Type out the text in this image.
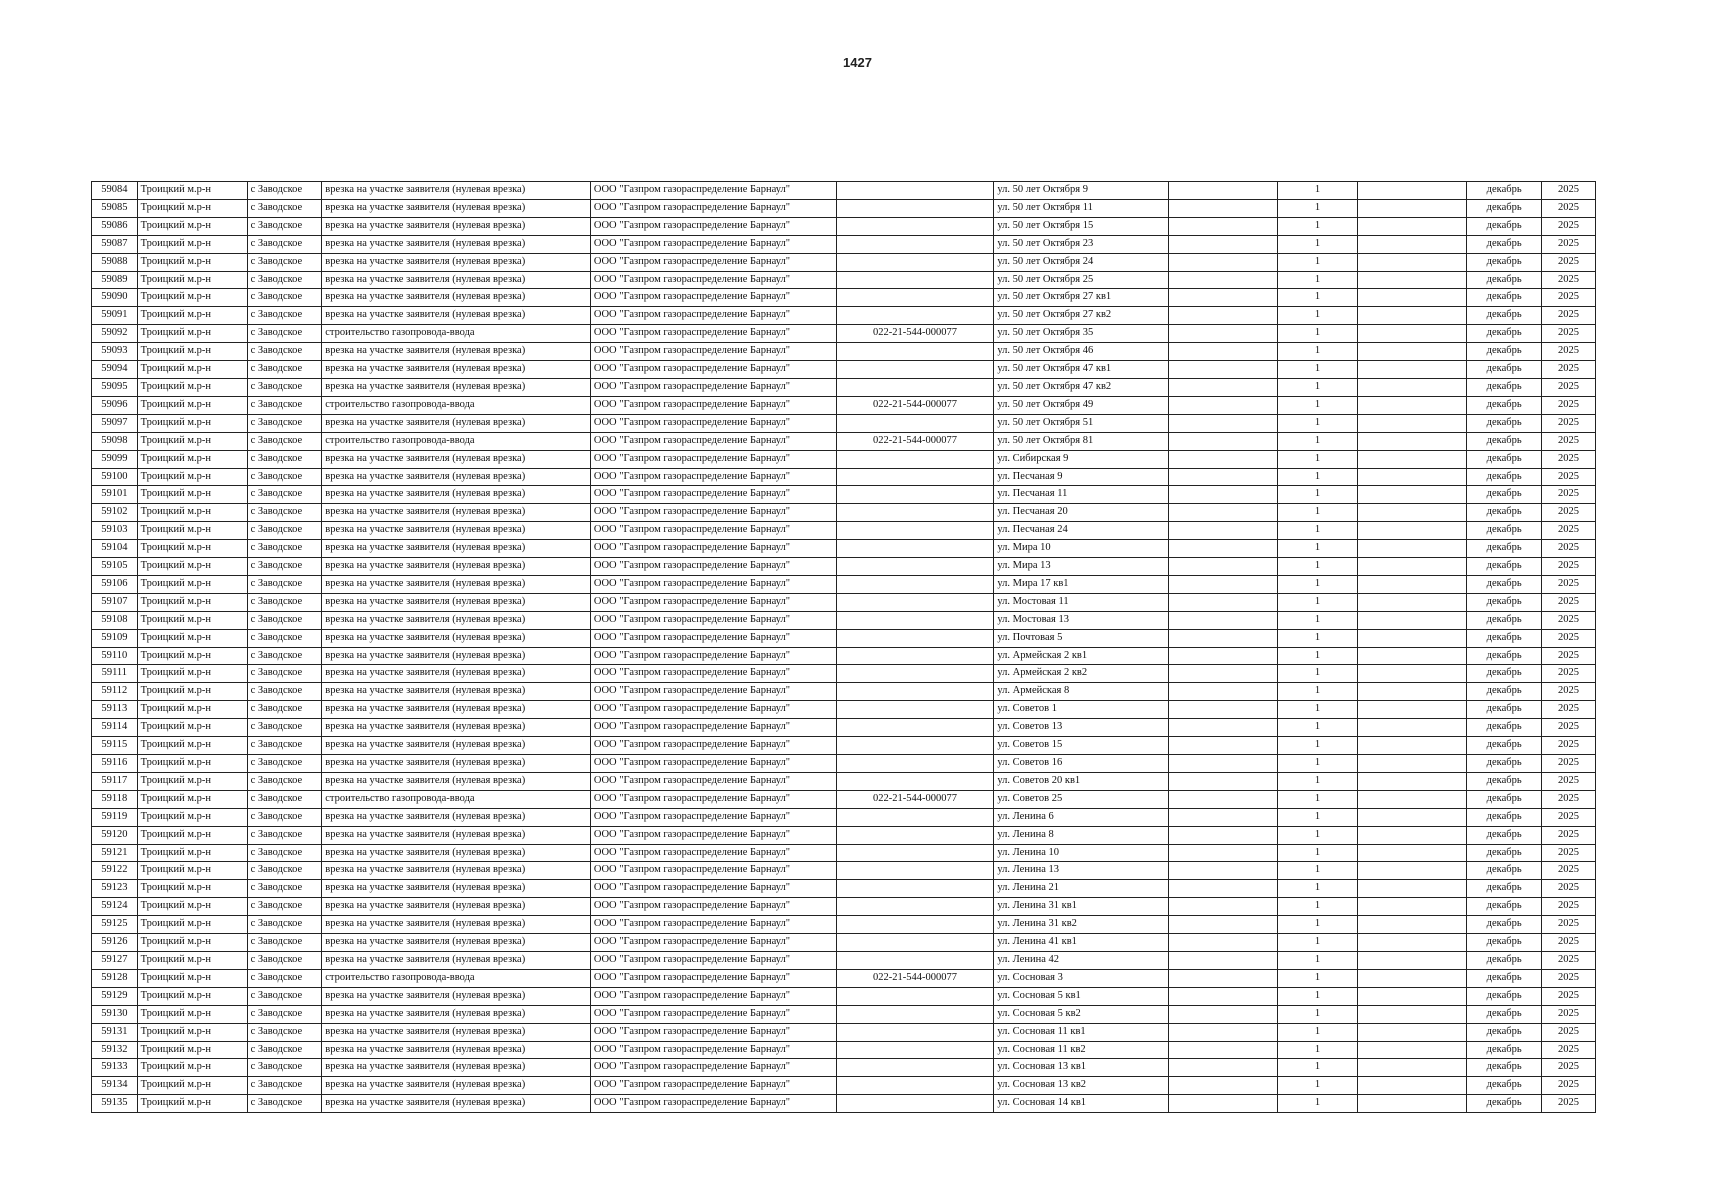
1427
59084	Троицкий м.р-н	с Заводское	врезка на участке заявителя (нулевая врезка)	ООО "Газпром газораспределение Барнаул"		ул. 50 лет Октября 9		1		декабрь	2025
59085	Троицкий м.р-н	с Заводское	врезка на участке заявителя (нулевая врезка)	ООО "Газпром газораспределение Барнаул"		ул. 50 лет Октября 11		1		декабрь	2025
59086	Троицкий м.р-н	с Заводское	врезка на участке заявителя (нулевая врезка)	ООО "Газпром газораспределение Барнаул"		ул. 50 лет Октября 15		1		декабрь	2025
59087	Троицкий м.р-н	с Заводское	врезка на участке заявителя (нулевая врезка)	ООО "Газпром газораспределение Барнаул"		ул. 50 лет Октября 23		1		декабрь	2025
59088	Троицкий м.р-н	с Заводское	врезка на участке заявителя (нулевая врезка)	ООО "Газпром газораспределение Барнаул"		ул. 50 лет Октября 24		1		декабрь	2025
59089	Троицкий м.р-н	с Заводское	врезка на участке заявителя (нулевая врезка)	ООО "Газпром газораспределение Барнаул"		ул. 50 лет Октября 25		1		декабрь	2025
59090	Троицкий м.р-н	с Заводское	врезка на участке заявителя (нулевая врезка)	ООО "Газпром газораспределение Барнаул"		ул. 50 лет Октября 27 кв1		1		декабрь	2025
59091	Троицкий м.р-н	с Заводское	врезка на участке заявителя (нулевая врезка)	ООО "Газпром газораспределение Барнаул"		ул. 50 лет Октября 27 кв2		1		декабрь	2025
59092	Троицкий м.р-н	с Заводское	строительство газопровода-ввода	ООО "Газпром газораспределение Барнаул"	022-21-544-000077	ул. 50 лет Октября 35		1		декабрь	2025
59093	Троицкий м.р-н	с Заводское	врезка на участке заявителя (нулевая врезка)	ООО "Газпром газораспределение Барнаул"		ул. 50 лет Октября 46		1		декабрь	2025
59094	Троицкий м.р-н	с Заводское	врезка на участке заявителя (нулевая врезка)	ООО "Газпром газораспределение Барнаул"		ул. 50 лет Октября 47 кв1		1		декабрь	2025
59095	Троицкий м.р-н	с Заводское	врезка на участке заявителя (нулевая врезка)	ООО "Газпром газораспределение Барнаул"		ул. 50 лет Октября 47 кв2		1		декабрь	2025
59096	Троицкий м.р-н	с Заводское	строительство газопровода-ввода	ООО "Газпром газораспределение Барнаул"	022-21-544-000077	ул. 50 лет Октября 49		1		декабрь	2025
59097	Троицкий м.р-н	с Заводское	врезка на участке заявителя (нулевая врезка)	ООО "Газпром газораспределение Барнаул"		ул. 50 лет Октября 51		1		декабрь	2025
59098	Троицкий м.р-н	с Заводское	строительство газопровода-ввода	ООО "Газпром газораспределение Барнаул"	022-21-544-000077	ул. 50 лет Октября 81		1		декабрь	2025
59099	Троицкий м.р-н	с Заводское	врезка на участке заявителя (нулевая врезка)	ООО "Газпром газораспределение Барнаул"		ул. Сибирская 9		1		декабрь	2025
59100	Троицкий м.р-н	с Заводское	врезка на участке заявителя (нулевая врезка)	ООО "Газпром газораспределение Барнаул"		ул. Песчаная 9		1		декабрь	2025
59101	Троицкий м.р-н	с Заводское	врезка на участке заявителя (нулевая врезка)	ООО "Газпром газораспределение Барнаул"		ул. Песчаная 11		1		декабрь	2025
59102	Троицкий м.р-н	с Заводское	врезка на участке заявителя (нулевая врезка)	ООО "Газпром газораспределение Барнаул"		ул. Песчаная 20		1		декабрь	2025
59103	Троицкий м.р-н	с Заводское	врезка на участке заявителя (нулевая врезка)	ООО "Газпром газораспределение Барнаул"		ул. Песчаная 24		1		декабрь	2025
59104	Троицкий м.р-н	с Заводское	врезка на участке заявителя (нулевая врезка)	ООО "Газпром газораспределение Барнаул"		ул. Мира 10		1		декабрь	2025
59105	Троицкий м.р-н	с Заводское	врезка на участке заявителя (нулевая врезка)	ООО "Газпром газораспределение Барнаул"		ул. Мира 13		1		декабрь	2025
59106	Троицкий м.р-н	с Заводское	врезка на участке заявителя (нулевая врезка)	ООО "Газпром газораспределение Барнаул"		ул. Мира 17 кв1		1		декабрь	2025
59107	Троицкий м.р-н	с Заводское	врезка на участке заявителя (нулевая врезка)	ООО "Газпром газораспределение Барнаул"		ул. Мостовая 11		1		декабрь	2025
59108	Троицкий м.р-н	с Заводское	врезка на участке заявителя (нулевая врезка)	ООО "Газпром газораспределение Барнаул"		ул. Мостовая 13		1		декабрь	2025
59109	Троицкий м.р-н	с Заводское	врезка на участке заявителя (нулевая врезка)	ООО "Газпром газораспределение Барнаул"		ул. Почтовая 5		1		декабрь	2025
59110	Троицкий м.р-н	с Заводское	врезка на участке заявителя (нулевая врезка)	ООО "Газпром газораспределение Барнаул"		ул. Армейская 2 кв1		1		декабрь	2025
59111	Троицкий м.р-н	с Заводское	врезка на участке заявителя (нулевая врезка)	ООО "Газпром газораспределение Барнаул"		ул. Армейская 2 кв2		1		декабрь	2025
59112	Троицкий м.р-н	с Заводское	врезка на участке заявителя (нулевая врезка)	ООО "Газпром газораспределение Барнаул"		ул. Армейская 8		1		декабрь	2025
59113	Троицкий м.р-н	с Заводское	врезка на участке заявителя (нулевая врезка)	ООО "Газпром газораспределение Барнаул"		ул. Советов 1		1		декабрь	2025
59114	Троицкий м.р-н	с Заводское	врезка на участке заявителя (нулевая врезка)	ООО "Газпром газораспределение Барнаул"		ул. Советов 13		1		декабрь	2025
59115	Троицкий м.р-н	с Заводское	врезка на участке заявителя (нулевая врезка)	ООО "Газпром газораспределение Барнаул"		ул. Советов 15		1		декабрь	2025
59116	Троицкий м.р-н	с Заводское	врезка на участке заявителя (нулевая врезка)	ООО "Газпром газораспределение Барнаул"		ул. Советов 16		1		декабрь	2025
59117	Троицкий м.р-н	с Заводское	врезка на участке заявителя (нулевая врезка)	ООО "Газпром газораспределение Барнаул"		ул. Советов 20 кв1		1		декабрь	2025
59118	Троицкий м.р-н	с Заводское	строительство газопровода-ввода	ООО "Газпром газораспределение Барнаул"	022-21-544-000077	ул. Советов 25		1		декабрь	2025
59119	Троицкий м.р-н	с Заводское	врезка на участке заявителя (нулевая врезка)	ООО "Газпром газораспределение Барнаул"		ул. Ленина 6		1		декабрь	2025
59120	Троицкий м.р-н	с Заводское	врезка на участке заявителя (нулевая врезка)	ООО "Газпром газораспределение Барнаул"		ул. Ленина 8		1		декабрь	2025
59121	Троицкий м.р-н	с Заводское	врезка на участке заявителя (нулевая врезка)	ООО "Газпром газораспределение Барнаул"		ул. Ленина 10		1		декабрь	2025
59122	Троицкий м.р-н	с Заводское	врезка на участке заявителя (нулевая врезка)	ООО "Газпром газораспределение Барнаул"		ул. Ленина 13		1		декабрь	2025
59123	Троицкий м.р-н	с Заводское	врезка на участке заявителя (нулевая врезка)	ООО "Газпром газораспределение Барнаул"		ул. Ленина 21		1		декабрь	2025
59124	Троицкий м.р-н	с Заводское	врезка на участке заявителя (нулевая врезка)	ООО "Газпром газораспределение Барнаул"		ул. Ленина 31 кв1		1		декабрь	2025
59125	Троицкий м.р-н	с Заводское	врезка на участке заявителя (нулевая врезка)	ООО "Газпром газораспределение Барнаул"		ул. Ленина 31 кв2		1		декабрь	2025
59126	Троицкий м.р-н	с Заводское	врезка на участке заявителя (нулевая врезка)	ООО "Газпром газораспределение Барнаул"		ул. Ленина 41 кв1		1		декабрь	2025
59127	Троицкий м.р-н	с Заводское	врезка на участке заявителя (нулевая врезка)	ООО "Газпром газораспределение Барнаул"		ул. Ленина 42		1		декабрь	2025
59128	Троицкий м.р-н	с Заводское	строительство газопровода-ввода	ООО "Газпром газораспределение Барнаул"	022-21-544-000077	ул. Сосновая 3		1		декабрь	2025
59129	Троицкий м.р-н	с Заводское	врезка на участке заявителя (нулевая врезка)	ООО "Газпром газораспределение Барнаул"		ул. Сосновая 5 кв1		1		декабрь	2025
59130	Троицкий м.р-н	с Заводское	врезка на участке заявителя (нулевая врезка)	ООО "Газпром газораспределение Барнаул"		ул. Сосновая 5 кв2		1		декабрь	2025
59131	Троицкий м.р-н	с Заводское	врезка на участке заявителя (нулевая врезка)	ООО "Газпром газораспределение Барнаул"		ул. Сосновая 11 кв1		1		декабрь	2025
59132	Троицкий м.р-н	с Заводское	врезка на участке заявителя (нулевая врезка)	ООО "Газпром газораспределение Барнаул"		ул. Сосновая 11 кв2		1		декабрь	2025
59133	Троицкий м.р-н	с Заводское	врезка на участке заявителя (нулевая врезка)	ООО "Газпром газораспределение Барнаул"		ул. Сосновая 13 кв1		1		декабрь	2025
59134	Троицкий м.р-н	с Заводское	врезка на участке заявителя (нулевая врезка)	ООО "Газпром газораспределение Барнаул"		ул. Сосновая 13 кв2		1		декабрь	2025
59135	Троицкий м.р-н	с Заводское	врезка на участке заявителя (нулевая врезка)	ООО "Газпром газораспределение Барнаул"		ул. Сосновая 14 кв1		1		декабрь	2025
